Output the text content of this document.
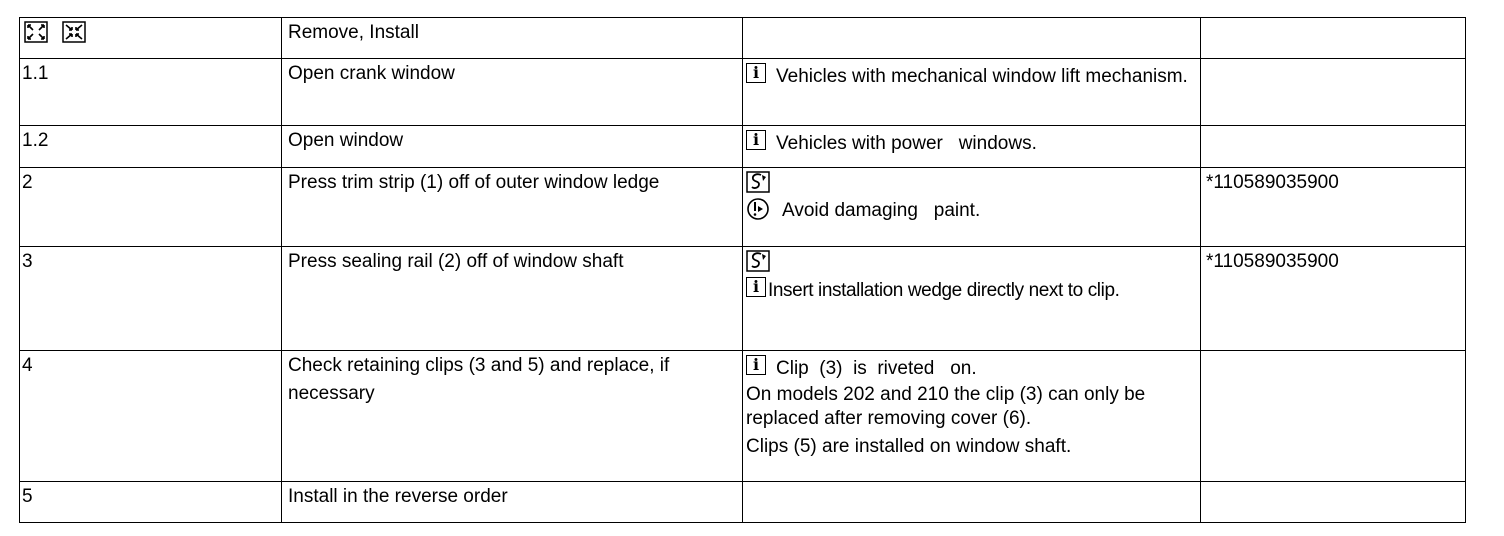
Remove, Install		

1.1	Open crank window	i Vehicles with mechanical window lift mechanism.	

1.2	Open window	i Vehicles with power   windows.	

2	Press trim strip (1) off of outer window ledge	Avoid damaging   paint.	*110589035900

3	Press sealing rail (2) off of window shaft	i Insert installation wedge directly next to clip.	*110589035900

4	Check retaining clips (3 and 5) and replace, if necessary	i Clip  (3)  is  riveted   on.
On models 202 and 210 the clip (3) can only be replaced after removing cover (6).
Clips (5) are installed on window shaft.	

5	Install in the reverse order		
